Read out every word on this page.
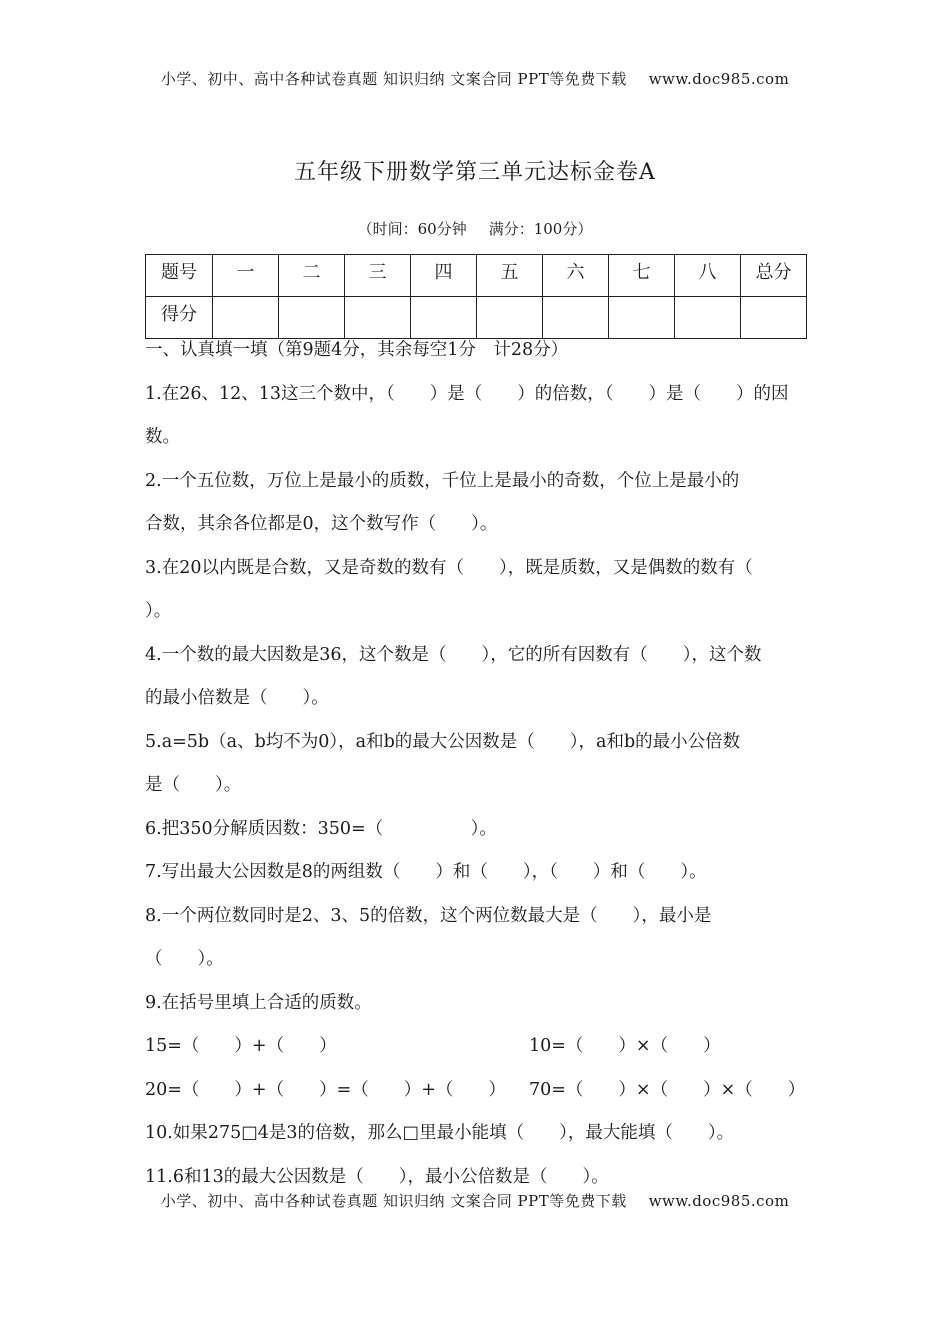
小学、初中、高中各种试卷真题 知识归纳 文案合同 PPT等免费下载 www.doc985.com
五年级下册数学第三单元达标金卷A
（时间：60分钟 满分：100分）
题号	一	二	三	四	五	六	七	八	总分
得分									
一、认真填一填（第9题4分，其余每空1分　计28分）
1.在26、12、13这三个数中，（　　）是（　　）的倍数，（　　）是（　　）的因
数。
2.一个五位数，万位上是最小的质数，千位上是最小的奇数，个位上是最小的
合数，其余各位都是0，这个数写作（　　）。
3.在20以内既是合数，又是奇数的数有（　　），既是质数，又是偶数的数有（
）。
4.一个数的最大因数是36，这个数是（　　），它的所有因数有（　　），这个数
的最小倍数是（　　）。
5.a=5b（a、b均不为0），a和b的最大公因数是（　　），a和b的最小公倍数
是（　　）。
6.把350分解质因数：350=（　　　　　）。
7.写出最大公因数是8的两组数（　　）和（　　），（　　）和（　　）。
8.一个两位数同时是2、3、5的倍数，这个两位数最大是（　　），最小是
（　　）。
9.在括号里填上合适的质数。
15=（　　）+（　　）	10=（　　）×（　　）
20=（　　）+（　　）=（　　）+（　　）	70=（　　）×（　　）×（　　）
10.如果275□4是3的倍数，那么□里最小能填（　　），最大能填（　　）。
11.6和13的最大公因数是（　　），最小公倍数是（　　）。
小学、初中、高中各种试卷真题 知识归纳 文案合同 PPT等免费下载 www.doc985.com
